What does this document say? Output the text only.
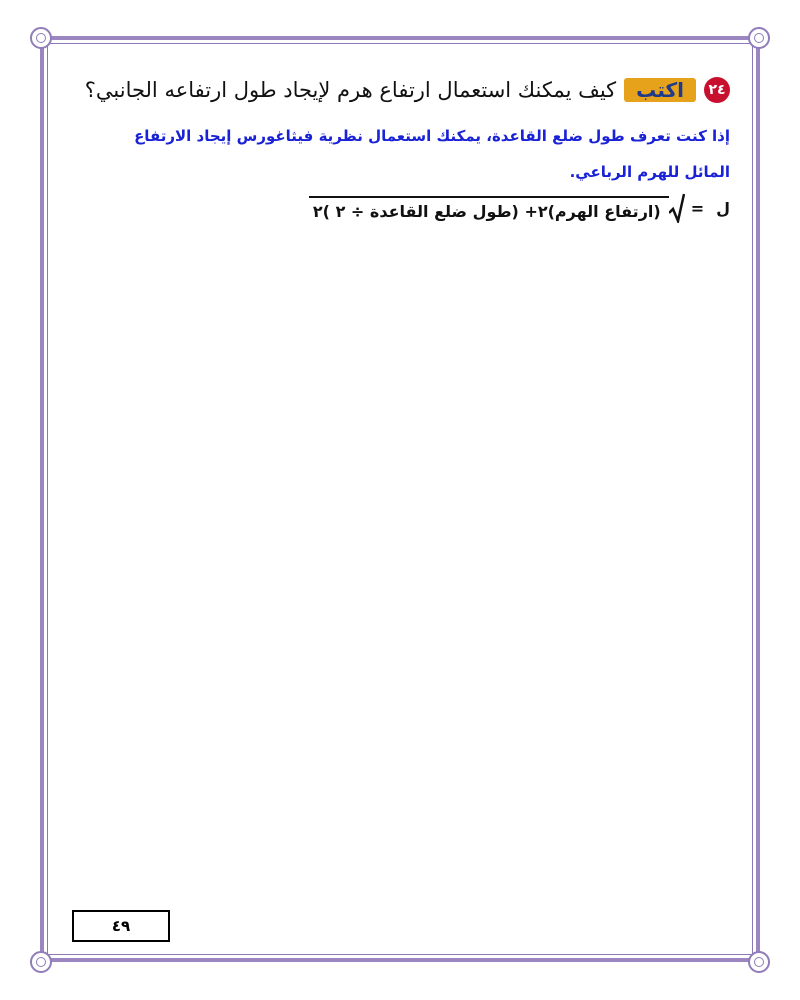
٢٤
اكتب
كيف يمكنك استعمال ارتفاع هرم لإيجاد طول ارتفاعه الجانبي؟

إذا كنت تعرف طول ضلع القاعدة، يمكنك استعمال نظرية فيثاغورس إيجاد الارتفاع

المائل للهرم الرباعي.

ل
=
(ارتفاع الهرم)٢+ (طول ضلع القاعدة ÷ ٢ )٢
٤٩
